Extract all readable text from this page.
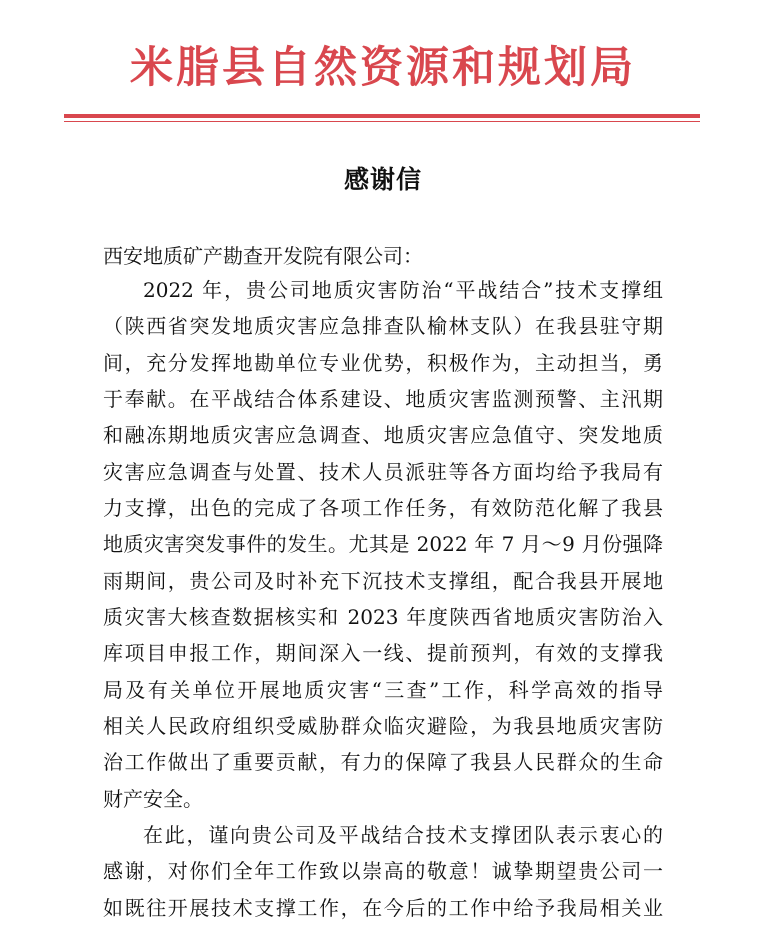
米脂县自然资源和规划局
感谢信
西安地质矿产勘查开发院有限公司：
2022 年，贵公司地质灾害防治“平战结合”技术支撑组
（陕西省突发地质灾害应急排查队榆林支队）在我县驻守期
间，充分发挥地勘单位专业优势，积极作为，主动担当，勇
于奉献。在平战结合体系建设、地质灾害监测预警、主汛期
和融冻期地质灾害应急调查、地质灾害应急值守、突发地质
灾害应急调查与处置、技术人员派驻等各方面均给予我局有
力支撑，出色的完成了各项工作任务，有效防范化解了我县
地质灾害突发事件的发生。尤其是 2022 年 7 月～9 月份强降
雨期间，贵公司及时补充下沉技术支撑组，配合我县开展地
质灾害大核查数据核实和 2023 年度陕西省地质灾害防治入
库项目申报工作，期间深入一线、提前预判，有效的支撑我
局及有关单位开展地质灾害“三查”工作，科学高效的指导
相关人民政府组织受威胁群众临灾避险，为我县地质灾害防
治工作做出了重要贡献，有力的保障了我县人民群众的生命
财产安全。
在此，谨向贵公司及平战结合技术支撑团队表示衷心的
感谢，对你们全年工作致以崇高的敬意！诚挚期望贵公司一
如既往开展技术支撑工作，在今后的工作中给予我局相关业
